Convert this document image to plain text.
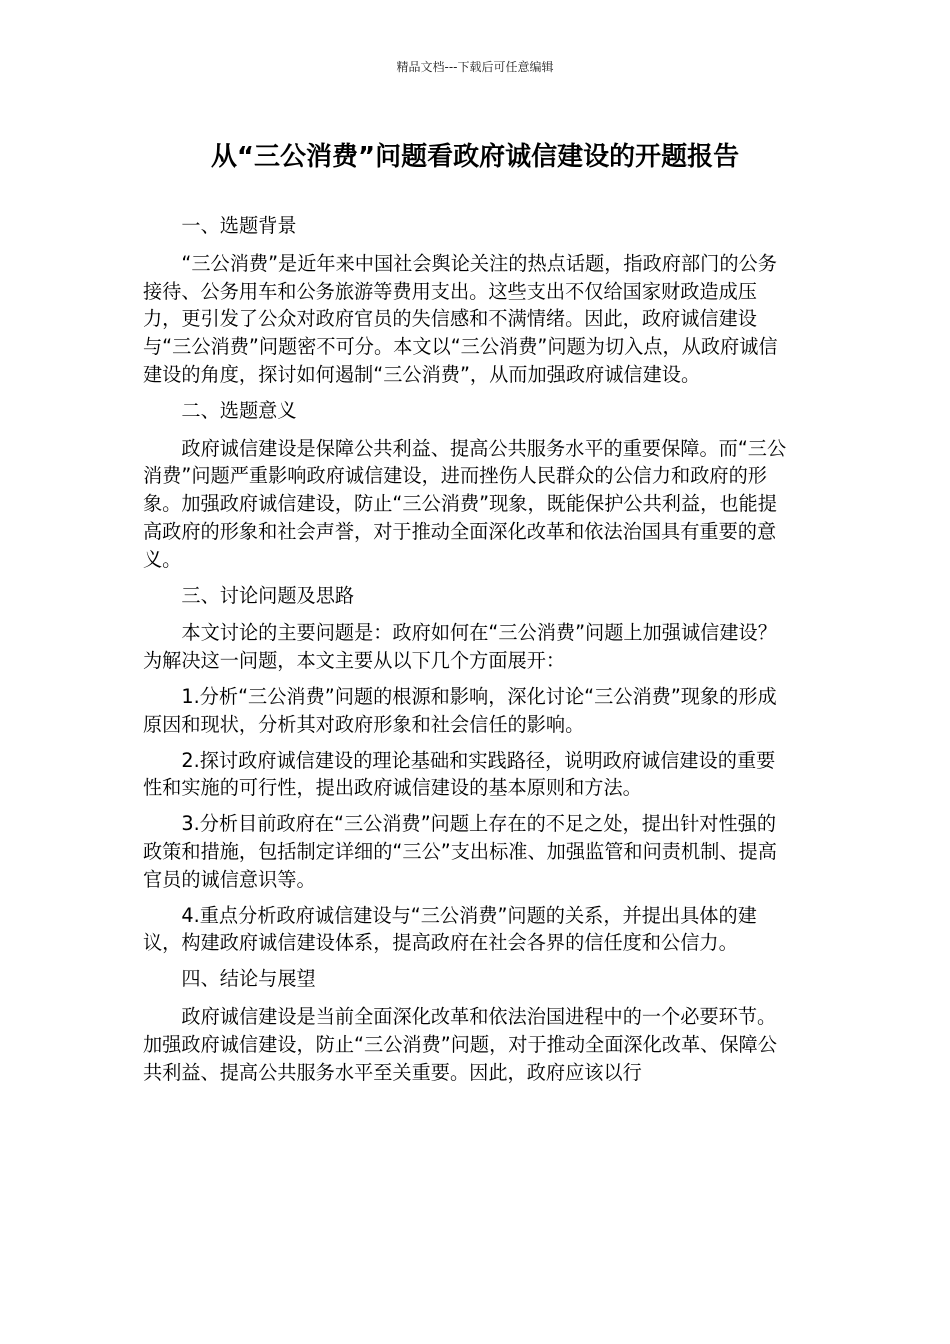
精品文档---下载后可任意编辑
从“三公消费”问题看政府诚信建设的开题报告

一、选题背景

“三公消费”是近年来中国社会舆论关注的热点话题，指政府部门的公务接待、公务用车和公务旅游等费用支出。这些支出不仅给国家财政造成压力，更引发了公众对政府官员的失信感和不满情绪。因此，政府诚信建设与“三公消费”问题密不可分。本文以“三公消费”问题为切入点，从政府诚信建设的角度，探讨如何遏制“三公消费”，从而加强政府诚信建设。

二、选题意义

政府诚信建设是保障公共利益、提高公共服务水平的重要保障。而“三公消费”问题严重影响政府诚信建设，进而挫伤人民群众的公信力和政府的形象。加强政府诚信建设，防止“三公消费”现象，既能保护公共利益，也能提高政府的形象和社会声誉，对于推动全面深化改革和依法治国具有重要的意义。

三、讨论问题及思路

本文讨论的主要问题是：政府如何在“三公消费”问题上加强诚信建设？为解决这一问题，本文主要从以下几个方面展开：

1.分析“三公消费”问题的根源和影响，深化讨论“三公消费”现象的形成原因和现状，分析其对政府形象和社会信任的影响。

2.探讨政府诚信建设的理论基础和实践路径，说明政府诚信建设的重要性和实施的可行性，提出政府诚信建设的基本原则和方法。

3.分析目前政府在“三公消费”问题上存在的不足之处，提出针对性强的政策和措施，包括制定详细的“三公”支出标准、加强监管和问责机制、提高官员的诚信意识等。

4.重点分析政府诚信建设与“三公消费”问题的关系，并提出具体的建议，构建政府诚信建设体系，提高政府在社会各界的信任度和公信力。

四、结论与展望

政府诚信建设是当前全面深化改革和依法治国进程中的一个必要环节。加强政府诚信建设，防止“三公消费”问题，对于推动全面深化改革、保障公共利益、提高公共服务水平至关重要。因此，政府应该以行
